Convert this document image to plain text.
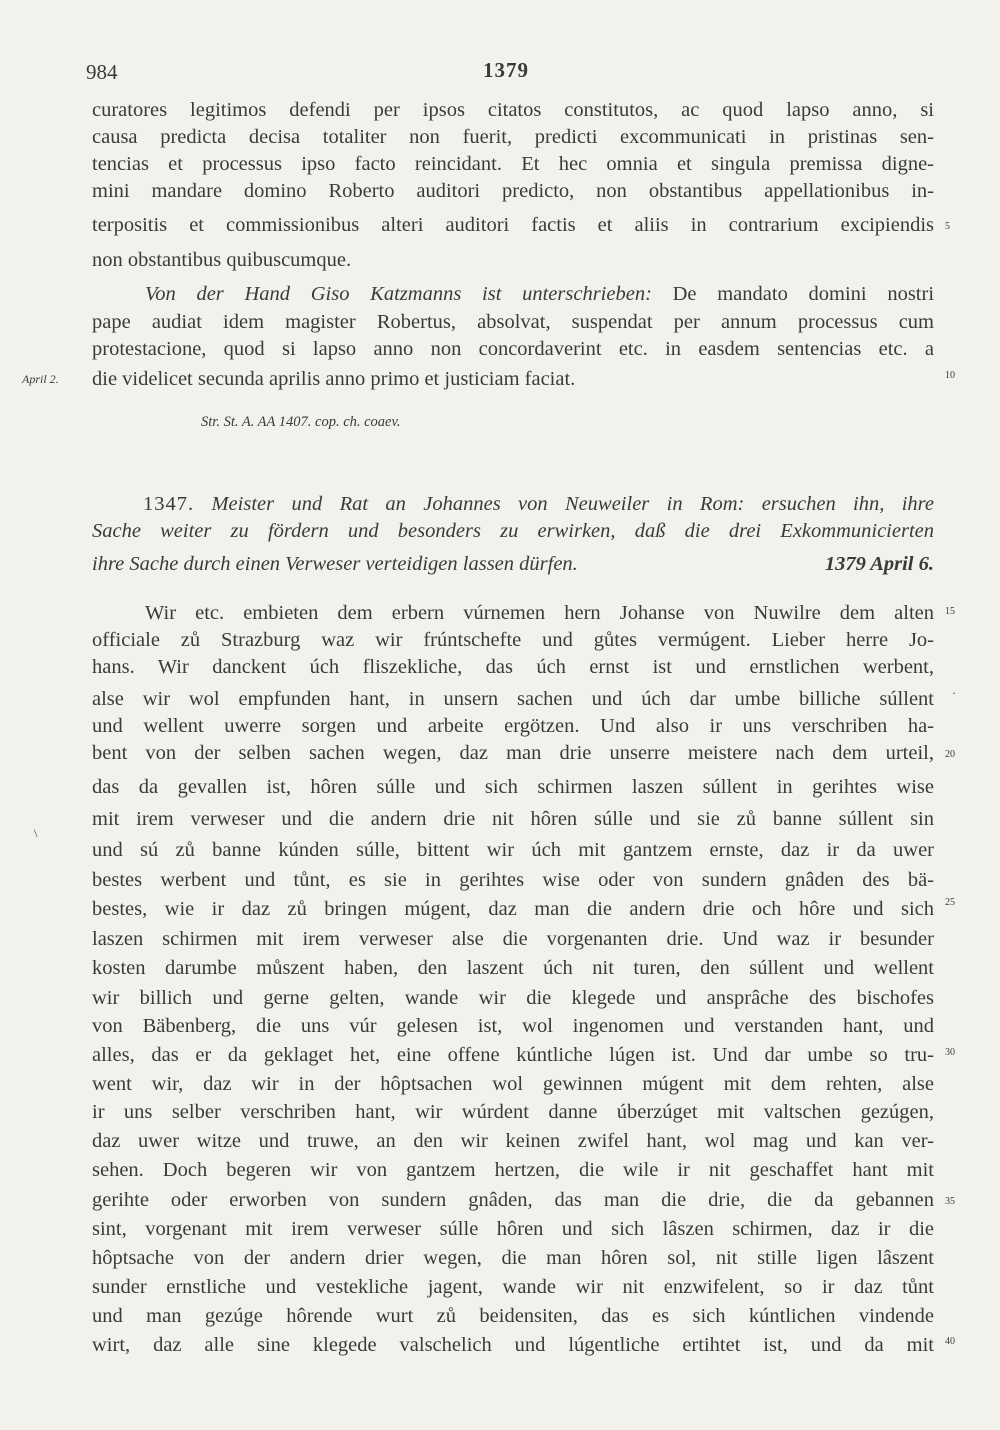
984	1379
curatores legitimos defendi per ipsos citatos constitutos, ac quod lapso anno, si
causa predicta decisa totaliter non fuerit, predicti excommunicati in pristinas sen-
tencias et processus ipso facto reincidant. Et hec omnia et singula premissa digne-
mini mandare domino Roberto auditori predicto, non obstantibus appellationibus in-
terpositis et commissionibus alteri auditori factis et aliis in contrarium excipiendis 5
non obstantibus quibuscumque.
Von der Hand Giso Katzmanns ist unterschrieben: De mandato domini nostri
pape audiat idem magister Robertus, absolvat, suspendat per annum processus cum
protestacione, quod si lapso anno non concordaverint etc. in easdem sentencias etc. a
April 2. die videlicet secunda aprilis anno primo et justiciam faciat.	10
Str. St. A. AA 1407. cop. ch. coaev.
1347. Meister und Rat an Johannes von Neuweiler in Rom: ersuchen ihn, ihre
Sache weiter zu fördern und besonders zu erwirken, daß die drei Exkommunicierten
ihre Sache durch einen Verweser verteidigen lassen dürfen.	1379 April 6.
Wir etc. embieten dem erbern vúrnemen hern Johanse von Nuwilre dem alten 15
officiale zů Strazburg waz wir frúntschefte und gůtes vermúgent. Lieber herre Jo-
hans. Wir danckent úch fliszekliche, das úch ernst ist und ernstlichen werbent,
alse wir wol empfunden hant, in unsern sachen und úch dar umbe billiche súllent ·
und wellent uwerre sorgen und arbeite ergötzen. Und also ir uns verschriben ha-
bent von der selben sachen wegen, daz man drie unserre meistere nach dem urteil, 20
das da gevallen ist, hôren súlle und sich schirmen laszen súllent in gerihtes wise
mit irem verweser und die andern drie nit hôren súlle und sie zů banne súllent sin
\
und sú zů banne kúnden súlle, bittent wir úch mit gantzem ernste, daz ir da uwer
bestes werbent und tůnt, es sie in gerihtes wise oder von sundern gnâden des bä-
bestes, wie ir daz zů bringen múgent, daz man die andern drie och hôre und sich 25
laszen schirmen mit irem verweser alse die vorgenanten drie. Und waz ir besunder
kosten darumbe můszent haben, den laszent úch nit turen, den súllent und wellent
wir billich und gerne gelten, wande wir die klegede und ansprâche des bischofes
von Bäbenberg, die uns vúr gelesen ist, wol ingenomen und verstanden hant, und
alles, das er da geklaget het, eine offene kúntliche lúgen ist. Und dar umbe so tru- 30
went wir, daz wir in der hôptsachen wol gewinnen múgent mit dem rehten, alse
ir uns selber verschriben hant, wir wúrdent danne úberzúget mit valtschen gezúgen,
daz uwer witze und truwe, an den wir keinen zwifel hant, wol mag und kan ver-
sehen. Doch begeren wir von gantzem hertzen, die wile ir nit geschaffet hant mit
gerihte oder erworben von sundern gnâden, das man die drie, die da gebannen 35
sint, vorgenant mit irem verweser súlle hôren und sich lâszen schirmen, daz ir die
hôptsache von der andern drier wegen, die man hôren sol, nit stille ligen lâszent
sunder ernstliche und vestekliche jagent, wande wir nit enzwifelent, so ir daz tůnt
und man gezúge hôrende wurt zů beidensiten, das es sich kúntlichen vindende
wirt, daz alle sine klegede valschelich und lúgentliche ertihtet ist, und da mit 40
